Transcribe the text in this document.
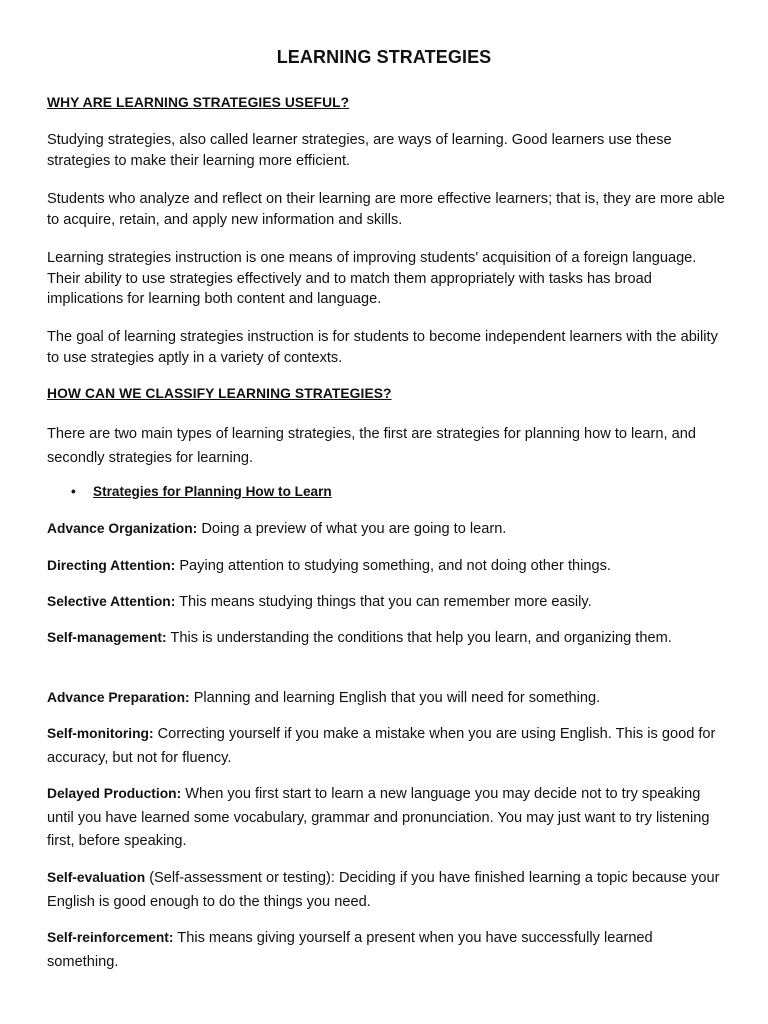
LEARNING STRATEGIES
WHY ARE LEARNING STRATEGIES USEFUL?

Studying strategies, also called learner strategies, are ways of learning. Good learners use these strategies to make their learning more efficient.

Students who analyze and reflect on their learning are more effective learners; that is, they are more able to acquire, retain, and apply new information and skills.

Learning strategies instruction is one means of improving students' acquisition of a foreign language. Their ability to use strategies effectively and to match them appropriately with tasks has broad implications for learning both content and language.

The goal of learning strategies instruction is for students to become independent learners with the ability to use strategies aptly in a variety of contexts.

HOW CAN WE CLASSIFY LEARNING STRATEGIES?

There are two main types of learning strategies, the first are strategies for planning how to learn, and secondly strategies for learning.

• Strategies for Planning How to Learn

Advance Organization: Doing a preview of what you are going to learn.

Directing Attention: Paying attention to studying something, and not doing other things.

Selective Attention: This means studying things that you can remember more easily.

Self-management: This is understanding the conditions that help you learn, and organizing them.

Advance Preparation: Planning and learning English that you will need for something.

Self-monitoring: Correcting yourself if you make a mistake when you are using English. This is good for accuracy, but not for fluency.

Delayed Production: When you first start to learn a new language you may decide not to try speaking until you have learned some vocabulary, grammar and pronunciation. You may just want to try listening first, before speaking.

Self-evaluation (Self-assessment or testing): Deciding if you have finished learning a topic because your English is good enough to do the things you need.

Self-reinforcement: This means giving yourself a present when you have successfully learned something.
